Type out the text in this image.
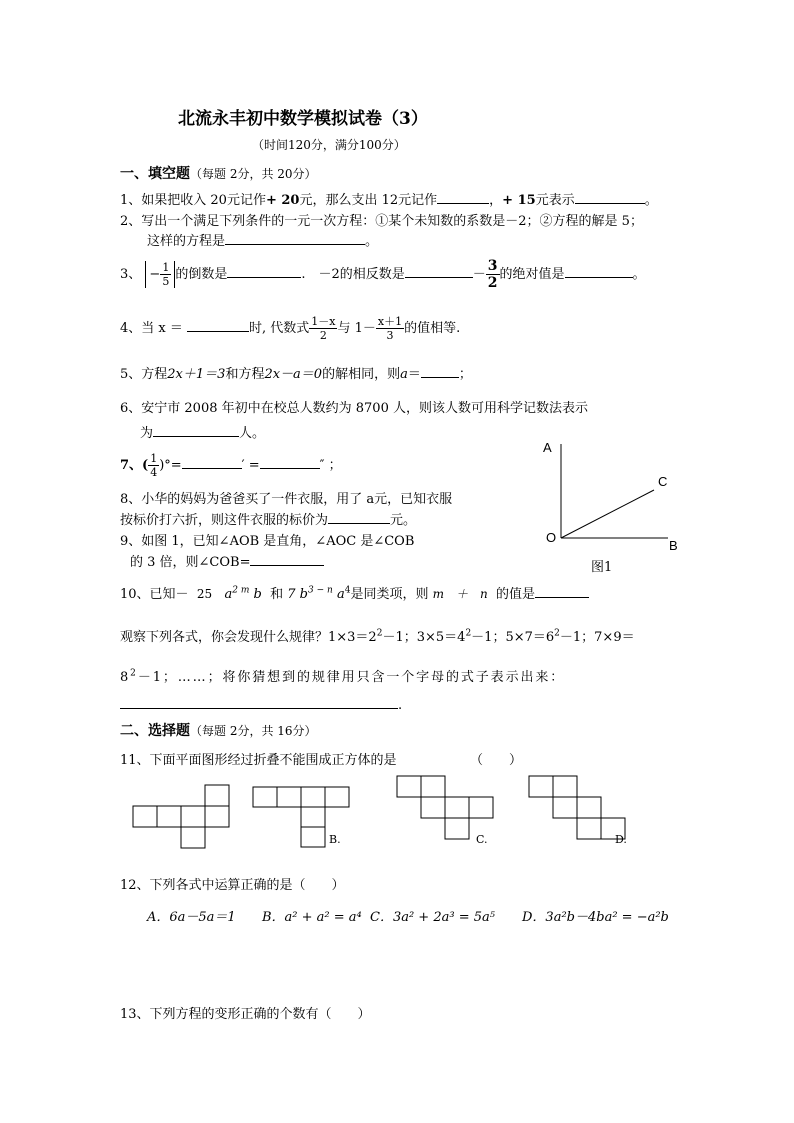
北流永丰初中数学模拟试卷（3）
（时间120分，满分100分）
一、填空题（每题 2分，共 20分）
1、如果把收入 20元记作+ 20元，那么支出 12元记作	，+ 15元表示	。
2、写出一个满足下列条件的一元一次方程：①某个未知数的系数是－2；②方程的解是 5；
这样的方程是	。
3、 − $\frac{1}{5}$ 的倒数是	.　－2的相反数是	－ $\frac{3}{2}$ 的绝对值是	。
4、当 x ＝	时, 代数式 $\frac{1-x}{2}$ 与 $1- \frac{x+1}{3}$ 的值相等.
5、方程2x＋1＝3和方程2x－a＝0的解相同，则a＝	；
6、安宁市 2008 年初中在校总人数约为 8700 人，则该人数可用科学记数法表示
为	人。
7、( $\frac{1}{4}$ )°=	′ =	″ ；
8、小华的妈妈为爸爸买了一件衣服，用了 a元，已知衣服
按标价打六折，则这件衣服的标价为	元。
9、如图 1，已知∠AOB 是直角，∠AOC 是∠COB
的 3 倍，则∠COB=
A
C
O
B
图1
10、已知－ 25 $a^{2 m}$ b 和 7 $b^{3 - n}$ $a^4$是同类项，则 m　＋　n 的值是
观察下列各式，你会发现什么规律？$1\times 3=2^2-1$；$3\times 5=4^2-1$；$5\times 7=6^2-1$；7×9＝
$8^2-1$；……；将你猜想到的规律用只含一个字母的式子表示出来：
.
二、选择题（每题 2分，共 16分）
11、下面平面图形经过折叠不能围成正方体的是	（　　）
B.	C.	D.
12、下列各式中运算正确的是（　　）
A．6a－5a＝1 B．a² + a² = a⁴ C．3a² + 2a³ = 5a⁵ D．3a²b－4ba² = −a²b
13、下列方程的变形正确的个数有（　　）
